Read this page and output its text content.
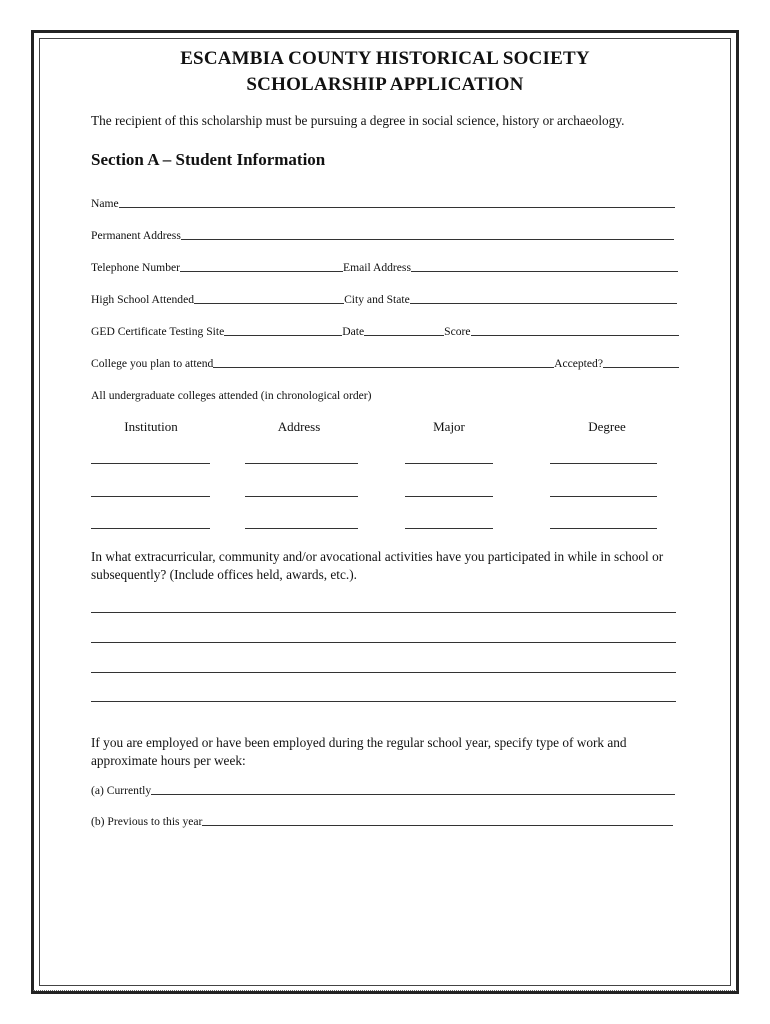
ESCAMBIA COUNTY HISTORICAL SOCIETY
SCHOLARSHIP APPLICATION
The recipient of this scholarship must be pursuing a degree in social science, history or archaeology.
Section A – Student Information
Name
Permanent Address
Telephone Number	Email Address
High School Attended	City and State
GED Certificate Testing Site	Date	Score
College you plan to attend	Accepted?
All undergraduate colleges attended (in chronological order)
Institution	Address	Major	Degree
In what extracurricular, community and/or avocational activities have you participated in while in school or subsequently? (Include offices held, awards, etc.).
If you are employed or have been employed during the regular school year, specify type of work and approximate hours per week:
(a) Currently
(b) Previous to this year
